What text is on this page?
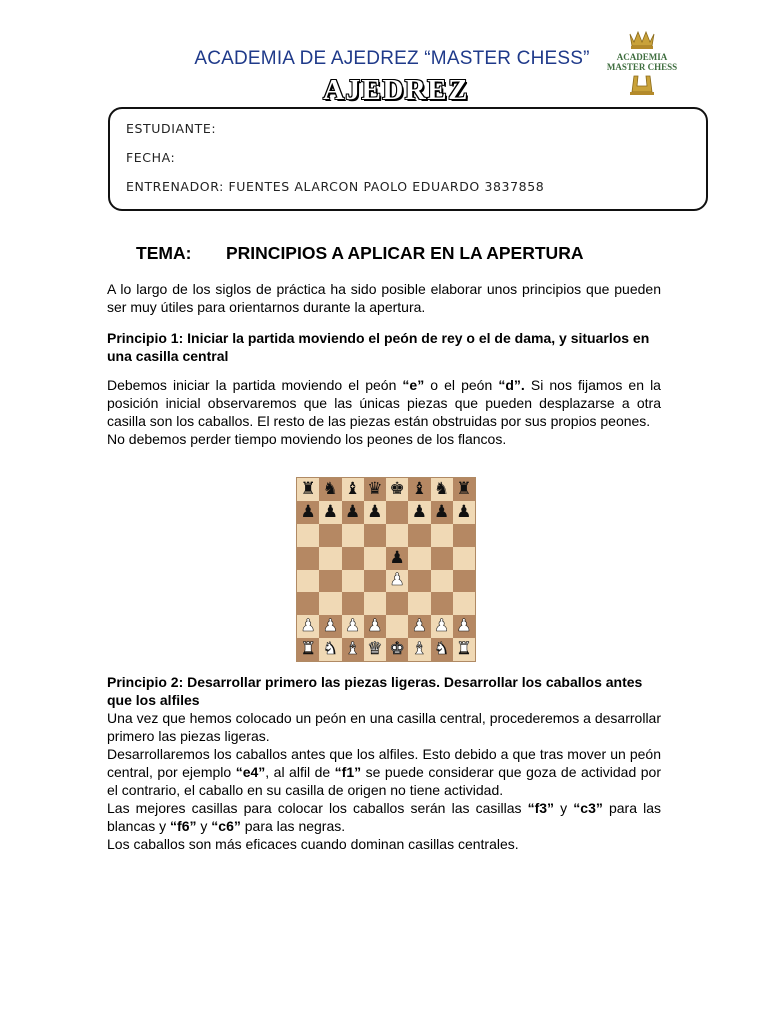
ACADEMIA DE AJEDREZ “MASTER CHESS”
AJEDREZ
ACADEMIA
MASTER CHESS
ESTUDIANTE:
FECHA:
ENTRENADOR: FUENTES ALARCON PAOLO EDUARDO 3837858
TEMA: PRINCIPIOS A APLICAR EN LA APERTURA
A lo largo de los siglos de práctica ha sido posible elaborar unos principios que pueden ser muy útiles para orientarnos durante la apertura.
Principio 1: Iniciar la partida moviendo el peón de rey o el de dama, y situarlos en una casilla central

Debemos iniciar la partida moviendo el peón “e” o el peón “d”. Si nos fijamos en la posición inicial observaremos que las únicas piezas que pueden desplazarse a otra casilla son los caballos. El resto de las piezas están obstruidas por sus propios peones.

No debemos perder tiempo moviendo los peones de los flancos.

♜ ♞ ♝ ♛ ♚ ♝ ♞ ♜
♟ ♟ ♟ ♟ ♟ ♟ ♟
♟
♟
♟ ♟ ♟ ♟ ♟ ♟ ♟
♜ ♞ ♝ ♛ ♚ ♝ ♞ ♜
Principio 2: Desarrollar primero las piezas ligeras. Desarrollar los caballos antes que los alfiles

Una vez que hemos colocado un peón en una casilla central, procederemos a desarrollar primero las piezas ligeras.

Desarrollaremos los caballos antes que los alfiles. Esto debido a que tras mover un peón central, por ejemplo “e4”, al alfil de “f1” se puede considerar que goza de actividad por el contrario, el caballo en su casilla de origen no tiene actividad.

Las mejores casillas para colocar los caballos serán las casillas “f3” y “c3” para las blancas y “f6” y “c6” para las negras.

Los caballos son más eficaces cuando dominan casillas centrales.
